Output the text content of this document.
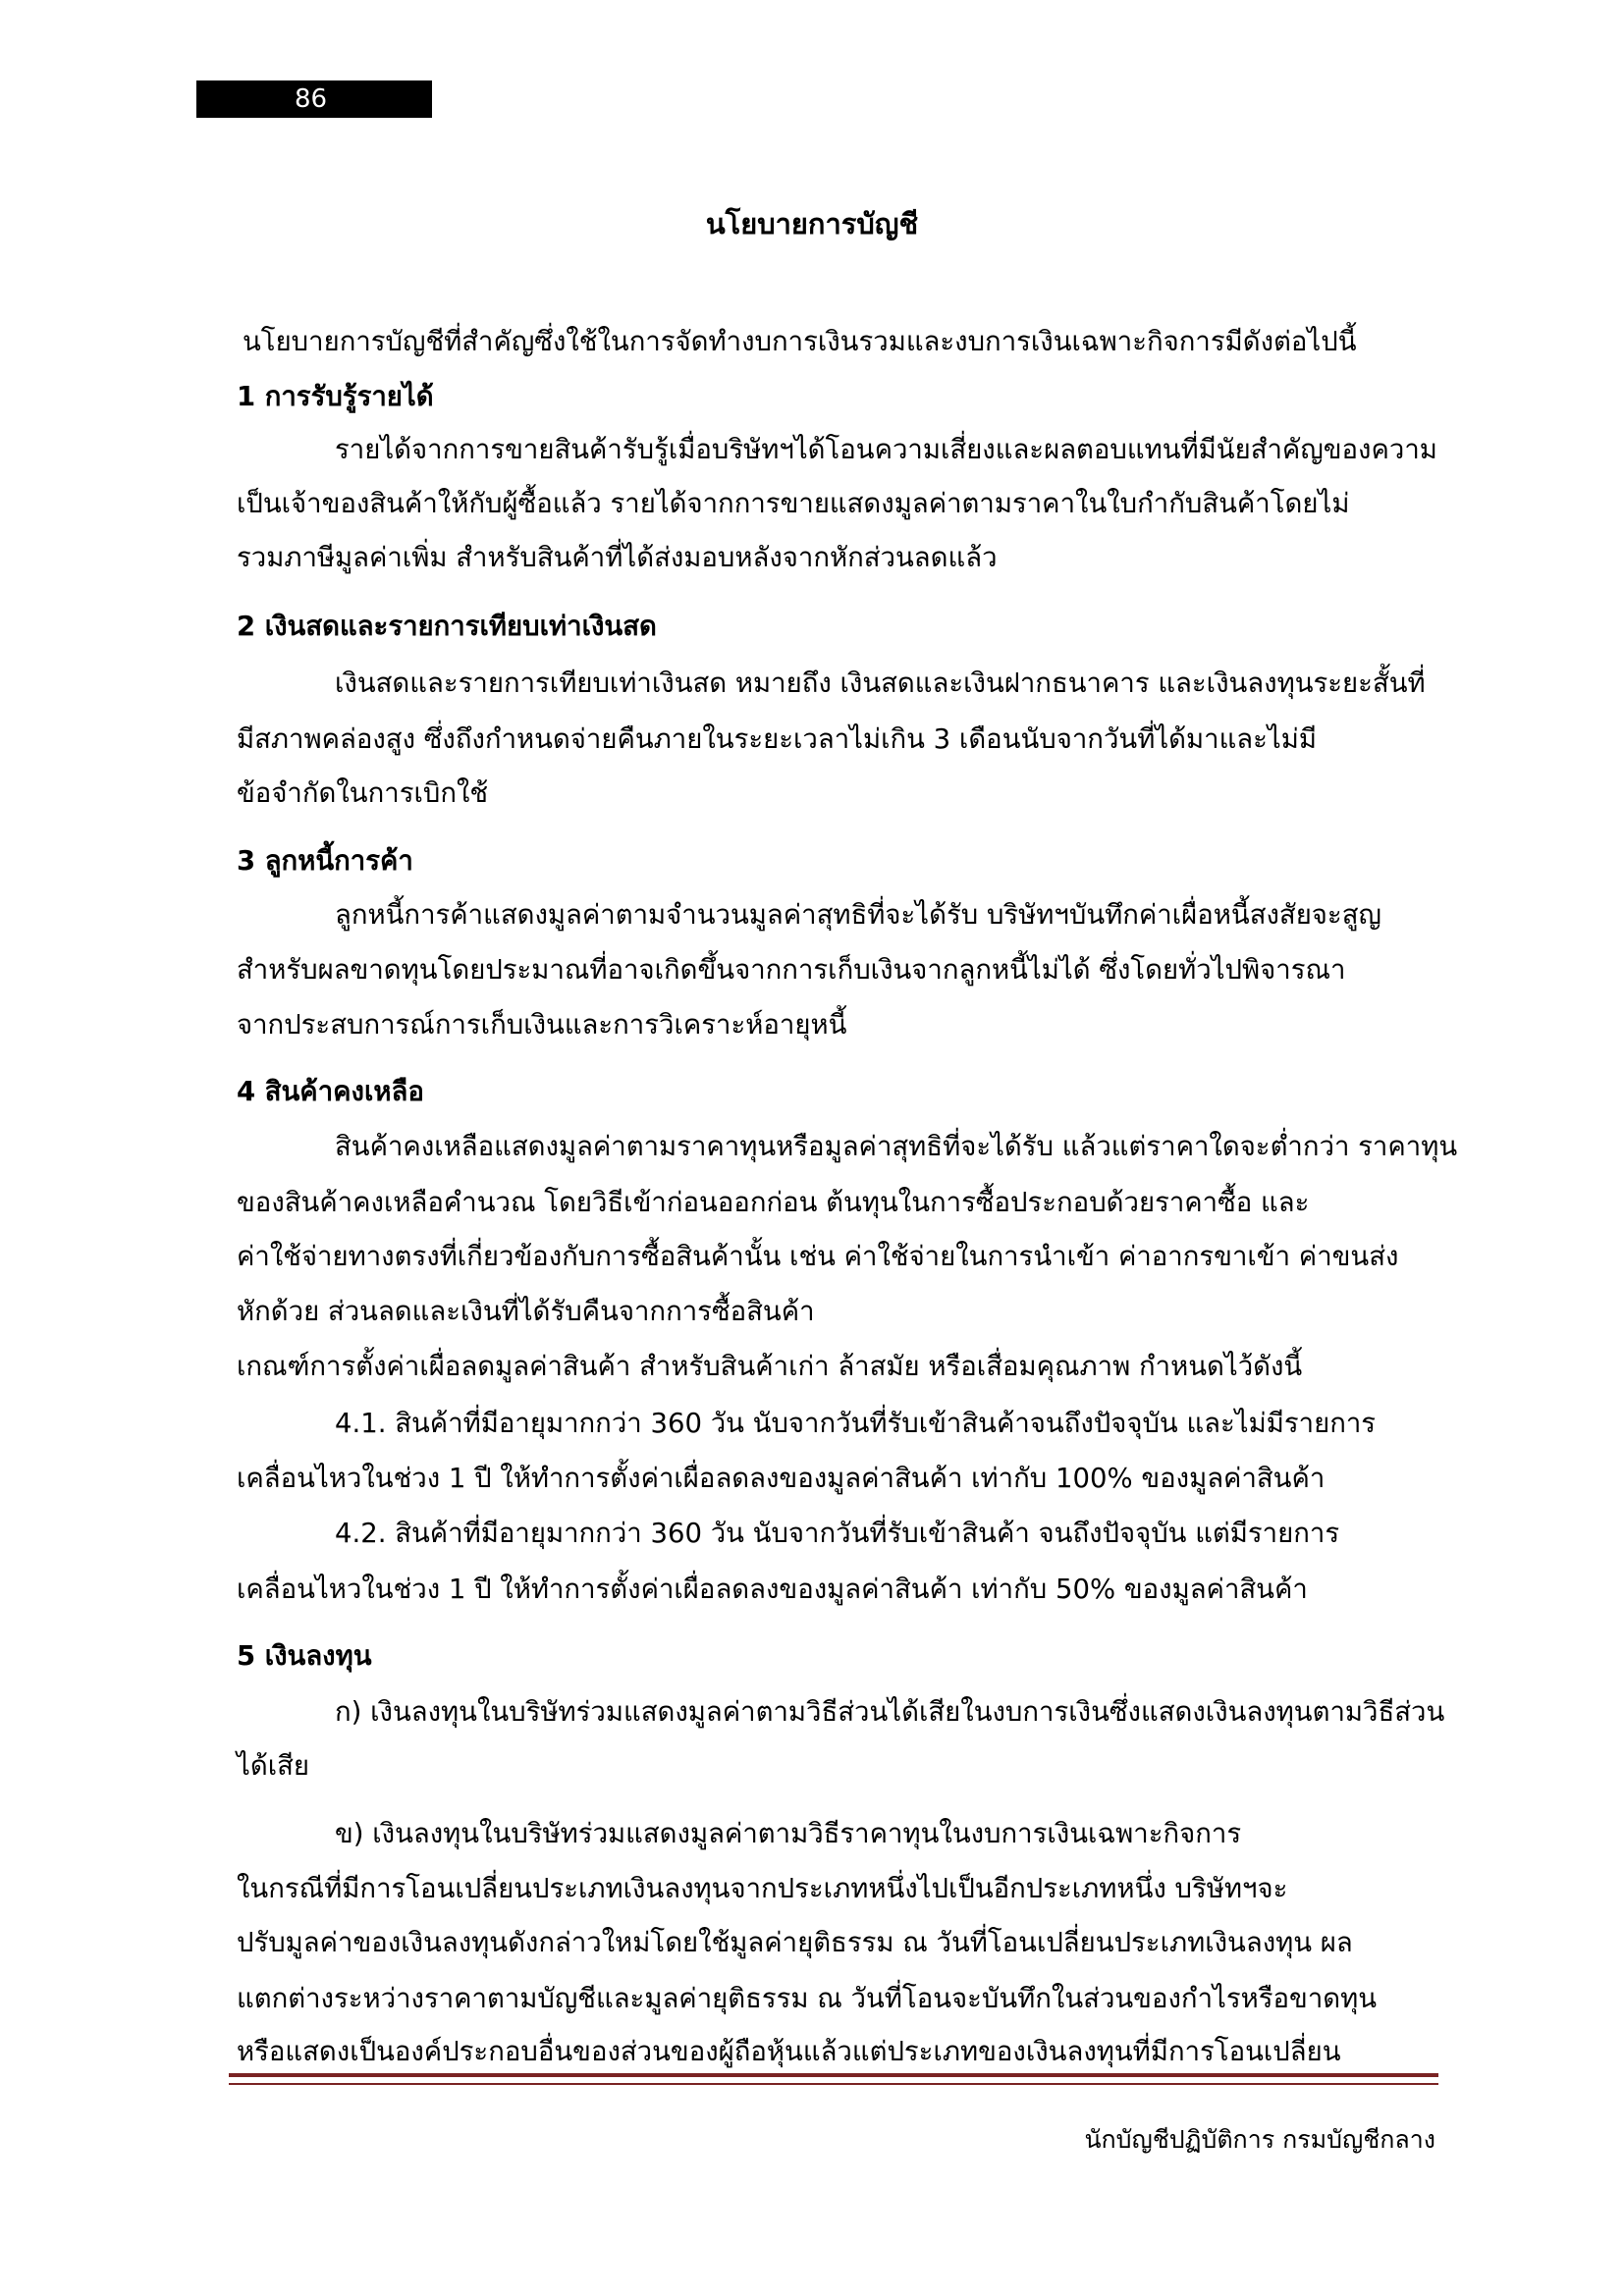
86
นโยบายการบัญชี
นโยบายการบัญชีที่สำคัญซึ่งใช้ในการจัดทำงบการเงินรวมและงบการเงินเฉพาะกิจการมีดังต่อไปนี้
1 การรับรู้รายได้
รายได้จากการขายสินค้ารับรู้เมื่อบริษัทฯได้โอนความเสี่ยงและผลตอบแทนที่มีนัยสำคัญของความ
เป็นเจ้าของสินค้าให้กับผู้ซื้อแล้ว รายได้จากการขายแสดงมูลค่าตามราคาในใบกำกับสินค้าโดยไม่
รวมภาษีมูลค่าเพิ่ม สำหรับสินค้าที่ได้ส่งมอบหลังจากหักส่วนลดแล้ว
2 เงินสดและรายการเทียบเท่าเงินสด
เงินสดและรายการเทียบเท่าเงินสด หมายถึง เงินสดและเงินฝากธนาคาร และเงินลงทุนระยะสั้นที่
มีสภาพคล่องสูง ซึ่งถึงกำหนดจ่ายคืนภายในระยะเวลาไม่เกิน 3 เดือนนับจากวันที่ได้มาและไม่มี
ข้อจำกัดในการเบิกใช้
3 ลูกหนี้การค้า
ลูกหนี้การค้าแสดงมูลค่าตามจำนวนมูลค่าสุทธิที่จะได้รับ บริษัทฯบันทึกค่าเผื่อหนี้สงสัยจะสูญ
สำหรับผลขาดทุนโดยประมาณที่อาจเกิดขึ้นจากการเก็บเงินจากลูกหนี้ไม่ได้ ซึ่งโดยทั่วไปพิจารณา
จากประสบการณ์การเก็บเงินและการวิเคราะห์อายุหนี้
4 สินค้าคงเหลือ
สินค้าคงเหลือแสดงมูลค่าตามราคาทุนหรือมูลค่าสุทธิที่จะได้รับ แล้วแต่ราคาใดจะต่ำกว่า ราคาทุน
ของสินค้าคงเหลือคำนวณ โดยวิธีเข้าก่อนออกก่อน ต้นทุนในการซื้อประกอบด้วยราคาซื้อ และ
ค่าใช้จ่ายทางตรงที่เกี่ยวข้องกับการซื้อสินค้านั้น เช่น ค่าใช้จ่ายในการนำเข้า ค่าอากรขาเข้า ค่าขนส่ง
หักด้วย ส่วนลดและเงินที่ได้รับคืนจากการซื้อสินค้า
เกณฑ์การตั้งค่าเผื่อลดมูลค่าสินค้า สำหรับสินค้าเก่า ล้าสมัย หรือเสื่อมคุณภาพ กำหนดไว้ดังนี้
4.1. สินค้าที่มีอายุมากกว่า 360 วัน นับจากวันที่รับเข้าสินค้าจนถึงปัจจุบัน และไม่มีรายการ
เคลื่อนไหวในช่วง 1 ปี ให้ทำการตั้งค่าเผื่อลดลงของมูลค่าสินค้า เท่ากับ 100% ของมูลค่าสินค้า
4.2. สินค้าที่มีอายุมากกว่า 360 วัน นับจากวันที่รับเข้าสินค้า จนถึงปัจจุบัน แต่มีรายการ
เคลื่อนไหวในช่วง 1 ปี ให้ทำการตั้งค่าเผื่อลดลงของมูลค่าสินค้า เท่ากับ 50% ของมูลค่าสินค้า
5 เงินลงทุน
ก) เงินลงทุนในบริษัทร่วมแสดงมูลค่าตามวิธีส่วนได้เสียในงบการเงินซึ่งแสดงเงินลงทุนตามวิธีส่วน
ได้เสีย
ข) เงินลงทุนในบริษัทร่วมแสดงมูลค่าตามวิธีราคาทุนในงบการเงินเฉพาะกิจการ
ในกรณีที่มีการโอนเปลี่ยนประเภทเงินลงทุนจากประเภทหนึ่งไปเป็นอีกประเภทหนึ่ง บริษัทฯจะ
ปรับมูลค่าของเงินลงทุนดังกล่าวใหม่โดยใช้มูลค่ายุติธรรม ณ วันที่โอนเปลี่ยนประเภทเงินลงทุน ผล
แตกต่างระหว่างราคาตามบัญชีและมูลค่ายุติธรรม ณ วันที่โอนจะบันทึกในส่วนของกำไรหรือขาดทุน
หรือแสดงเป็นองค์ประกอบอื่นของส่วนของผู้ถือหุ้นแล้วแต่ประเภทของเงินลงทุนที่มีการโอนเปลี่ยน
นักบัญชีปฏิบัติการ กรมบัญชีกลาง
